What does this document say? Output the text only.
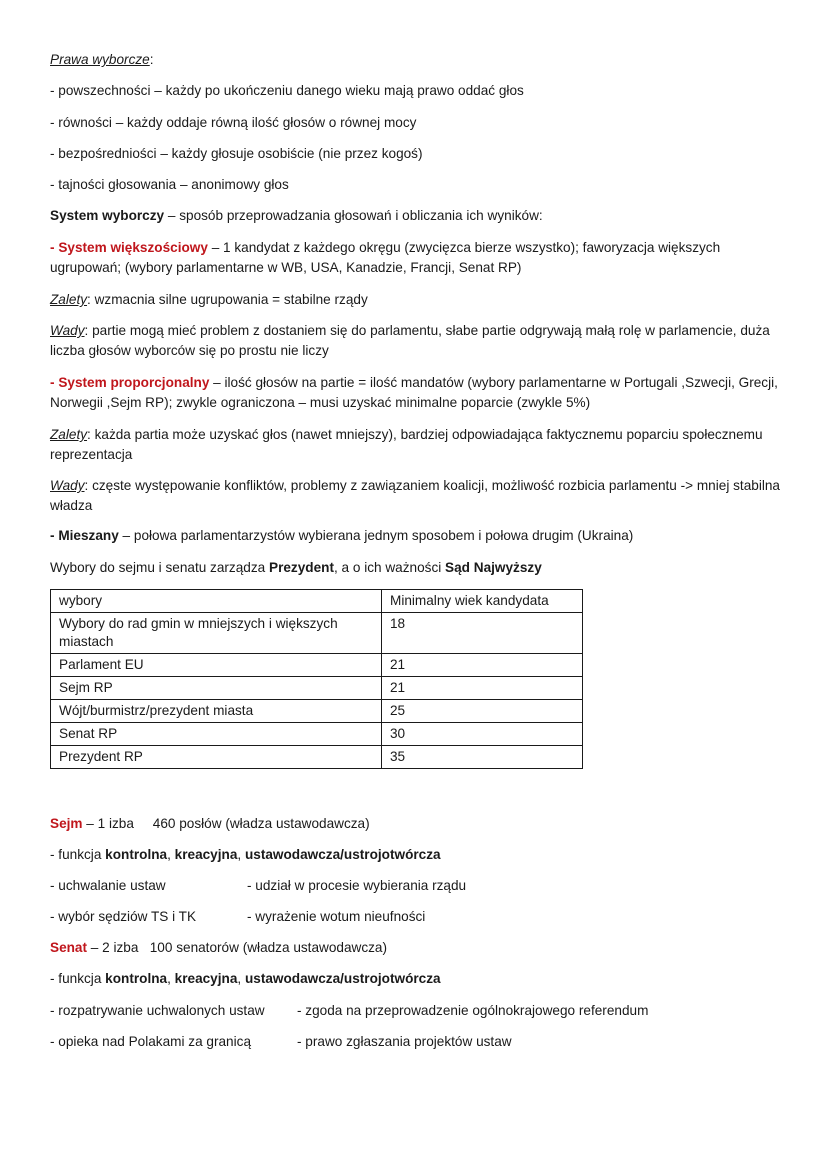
Prawa wyborcze:
- powszechności – każdy po ukończeniu danego wieku mają prawo oddać głos
- równości – każdy oddaje równą ilość głosów o równej mocy
- bezpośredniości – każdy głosuje osobiście (nie przez kogoś)
- tajności głosowania – anonimowy głos
System wyborczy – sposób przeprowadzania głosowań i obliczania ich wyników:
- System większościowy – 1 kandydat z każdego okręgu (zwycięzca bierze wszystko); faworyzacja większych ugrupowań; (wybory parlamentarne w WB, USA, Kanadzie, Francji, Senat RP)
Zalety: wzmacnia silne ugrupowania = stabilne rządy
Wady: partie mogą mieć problem z dostaniem się do parlamentu, słabe partie odgrywają małą rolę w parlamencie, duża liczba głosów wyborców się po prostu nie liczy
- System proporcjonalny – ilość głosów na partie = ilość mandatów (wybory parlamentarne w Portugali ,Szwecji, Grecji, Norwegii ,Sejm RP); zwykle ograniczona – musi uzyskać minimalne poparcie (zwykle 5%)
Zalety: każda partia może uzyskać głos (nawet mniejszy), bardziej odpowiadająca faktycznemu poparciu społecznemu reprezentacja
Wady: częste występowanie konfliktów, problemy z zawiązaniem koalicji, możliwość rozbicia parlamentu -> mniej stabilna władza
- Mieszany – połowa parlamentarzystów wybierana jednym sposobem i połowa drugim (Ukraina)
Wybory do sejmu i senatu zarządza Prezydent, a o ich ważności Sąd Najwyższy
wybory	Minimalny wiek kandydata
Wybory do rad gmin w mniejszych i większych miastach	18
Parlament EU	21
Sejm RP	21
Wójt/burmistrz/prezydent miasta	25
Senat RP	30
Prezydent RP	35
Sejm – 1 izba     460 posłów (władza ustawodawcza)
- funkcja kontrolna, kreacyjna, ustawodawcza/ustrojotwórcza
- uchwalanie ustaw	- udział w procesie wybierania rządu
- wybór sędziów TS i TK	- wyrażenie wotum nieufności
Senat – 2 izba   100 senatorów (władza ustawodawcza)
- funkcja kontrolna, kreacyjna, ustawodawcza/ustrojotwórcza
- rozpatrywanie uchwalonych ustaw - zgoda na przeprowadzenie ogólnokrajowego referendum
- opieka nad Polakami za granicą	- prawo zgłaszania projektów ustaw
